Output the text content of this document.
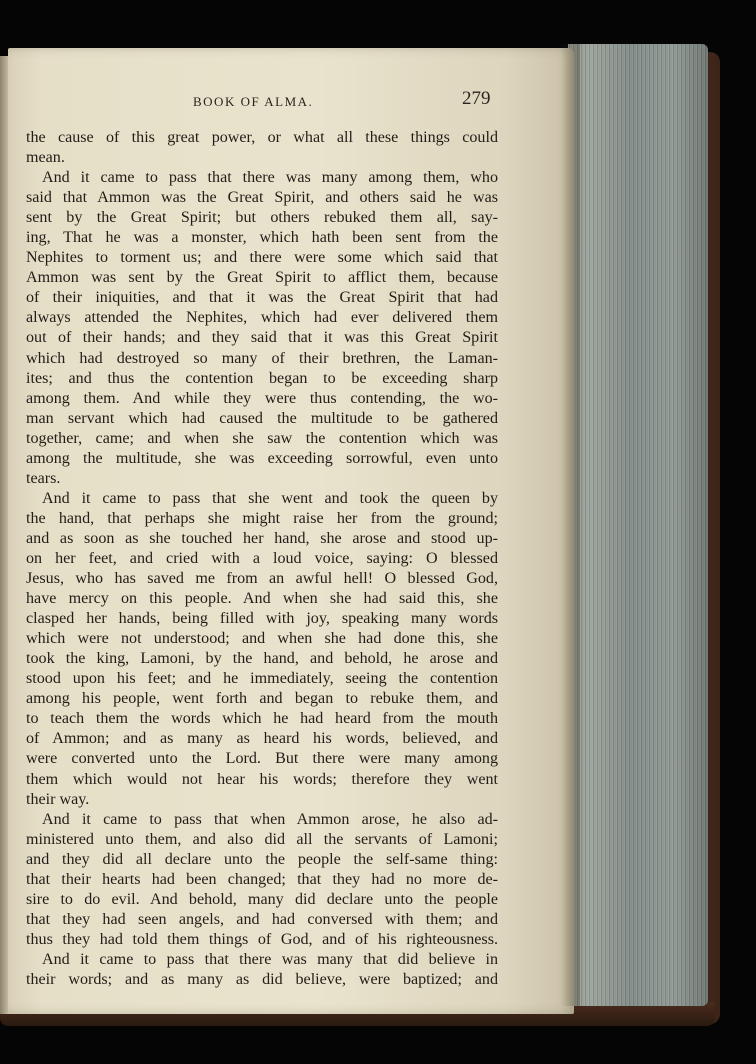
BOOK OF ALMA.	279
the cause of this great power, or what all these things could
mean.
And it came to pass that there was many among them, who
said that Ammon was the Great Spirit, and others said he was
sent by the Great Spirit; but others rebuked them all, say-
ing, That he was a monster, which hath been sent from the
Nephites to torment us; and there were some which said that
Ammon was sent by the Great Spirit to afflict them, because
of their iniquities, and that it was the Great Spirit that had
always attended the Nephites, which had ever delivered them
out of their hands; and they said that it was this Great Spirit
which had destroyed so many of their brethren, the Laman-
ites; and thus the contention began to be exceeding sharp
among them. And while they were thus contending, the wo-
man servant which had caused the multitude to be gathered
together, came; and when she saw the contention which was
among the multitude, she was exceeding sorrowful, even unto
tears.
And it came to pass that she went and took the queen by
the hand, that perhaps she might raise her from the ground;
and as soon as she touched her hand, she arose and stood up-
on her feet, and cried with a loud voice, saying: O blessed
Jesus, who has saved me from an awful hell! O blessed God,
have mercy on this people. And when she had said this, she
clasped her hands, being filled with joy, speaking many words
which were not understood; and when she had done this, she
took the king, Lamoni, by the hand, and behold, he arose and
stood upon his feet; and he immediately, seeing the contention
among his people, went forth and began to rebuke them, and
to teach them the words which he had heard from the mouth
of Ammon; and as many as heard his words, believed, and
were converted unto the Lord. But there were many among
them which would not hear his words; therefore they went
their way.
And it came to pass that when Ammon arose, he also ad-
ministered unto them, and also did all the servants of Lamoni;
and they did all declare unto the people the self-same thing:
that their hearts had been changed; that they had no more de-
sire to do evil. And behold, many did declare unto the people
that they had seen angels, and had conversed with them; and
thus they had told them things of God, and of his righteousness.
And it came to pass that there was many that did believe in
their words; and as many as did believe, were baptized; and
